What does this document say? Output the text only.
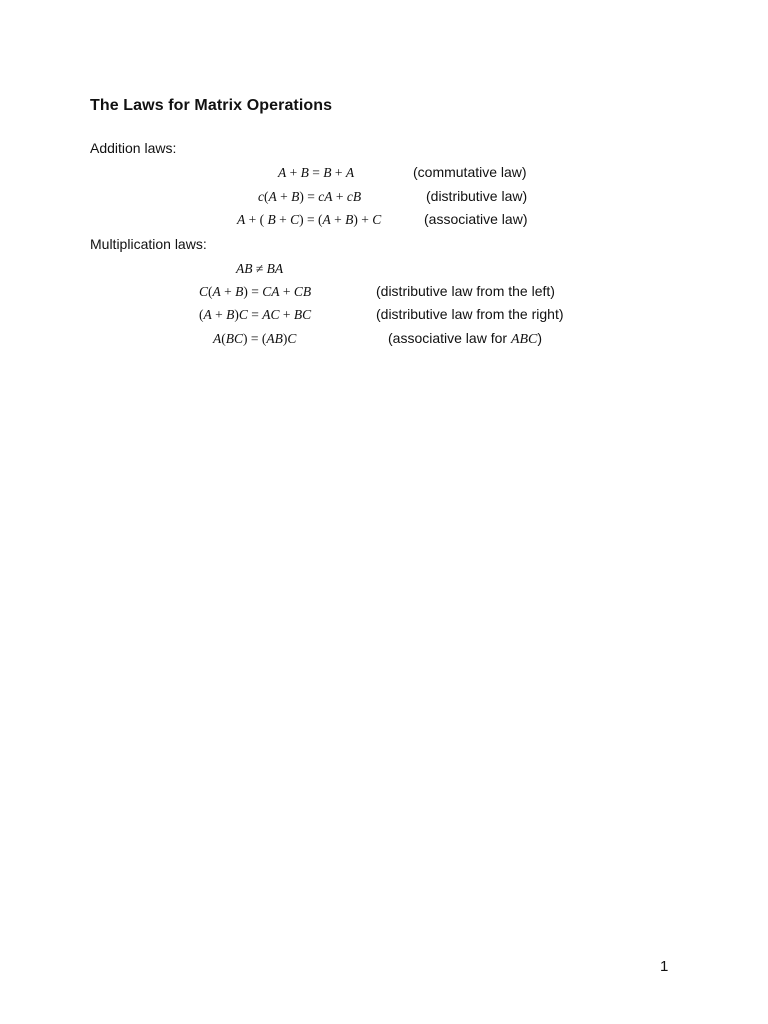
The Laws for Matrix Operations
Addition laws:
A + B = B + A	(commutative law)
c(A + B) = cA + cB	(distributive law)
A + ( B + C) = (A + B) + C	(associative law)
Multiplication laws:
AB ≠ BA
C(A + B) = CA + CB	(distributive law from the left)
(A + B)C = AC + BC	(distributive law from the right)
A(BC) = (AB)C	(associative law for ABC)
1
